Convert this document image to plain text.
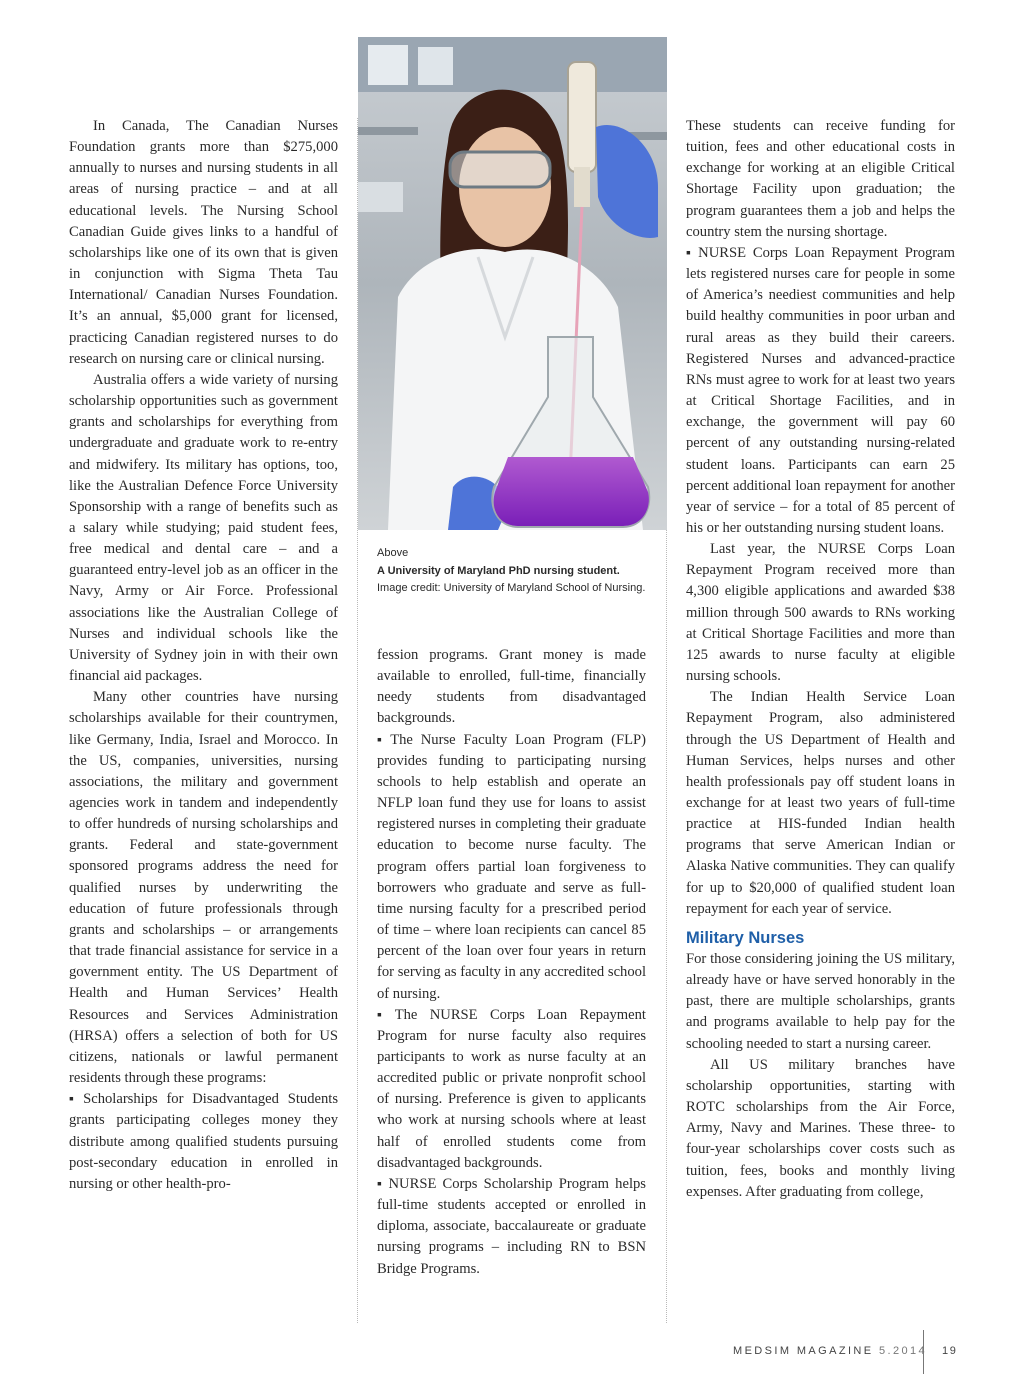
In Canada, The Canadian Nurses Foundation grants more than $275,000 annually to nurses and nursing students in all areas of nursing practice – and at all educational levels. The Nursing School Canadian Guide gives links to a handful of scholarships like one of its own that is given in conjunction with Sigma Theta Tau International/ Canadian Nurses Foundation. It’s an annual, $5,000 grant for licensed, practicing Canadian registered nurses to do research on nursing care or clinical nursing.

Australia offers a wide variety of nursing scholarship opportunities such as government grants and scholarships for everything from undergraduate and graduate work to re-entry and midwifery. Its military has options, too, like the Australian Defence Force University Sponsorship with a range of benefits such as a salary while studying; paid student fees, free medical and dental care – and a guaranteed entry-level job as an officer in the Navy, Army or Air Force. Professional associations like the Australian College of Nurses and individual schools like the University of Sydney join in with their own financial aid packages.

Many other countries have nursing scholarships available for their countrymen, like Germany, India, Israel and Morocco. In the US, companies, universities, nursing associations, the military and government agencies work in tandem and independently to offer hundreds of nursing scholarships and grants. Federal and state-government sponsored programs address the need for qualified nurses by underwriting the education of future professionals through grants and scholarships – or arrangements that trade financial assistance for service in a government entity. The US Department of Health and Human Services’ Health Resources and Services Administration (HRSA) offers a selection of both for US citizens, nationals or lawful permanent residents through these programs:

▪ Scholarships for Disadvantaged Students grants participating colleges money they distribute among qualified students pursuing post-secondary education in enrolled in nursing or other health-pro-

Above
A University of Maryland PhD nursing student.
Image credit: University of Maryland School of Nursing.

fession programs. Grant money is made available to enrolled, full-time, financially needy students from disadvantaged backgrounds.

▪ The Nurse Faculty Loan Program (FLP) provides funding to participating nursing schools to help establish and operate an NFLP loan fund they use for loans to assist registered nurses in completing their graduate education to become nurse faculty. The program offers partial loan forgiveness to borrowers who graduate and serve as full-time nursing faculty for a prescribed period of time – where loan recipients can cancel 85 percent of the loan over four years in return for serving as faculty in any accredited school of nursing.

▪ The NURSE Corps Loan Repayment Program for nurse faculty also requires participants to work as nurse faculty at an accredited public or private nonprofit school of nursing. Preference is given to applicants who work at nursing schools where at least half of enrolled students come from disadvantaged backgrounds.

▪ NURSE Corps Scholarship Program helps full-time students accepted or enrolled in diploma, associate, baccalaureate or graduate nursing programs – including RN to BSN Bridge Programs.

These students can receive funding for tuition, fees and other educational costs in exchange for working at an eligible Critical Shortage Facility upon graduation; the program guarantees them a job and helps the country stem the nursing shortage.

▪ NURSE Corps Loan Repayment Program lets registered nurses care for people in some of America’s neediest communities and help build healthy communities in poor urban and rural areas as they build their careers. Registered Nurses and advanced-practice RNs must agree to work for at least two years at Critical Shortage Facilities, and in exchange, the government will pay 60 percent of any outstanding nursing-related student loans. Participants can earn 25 percent additional loan repayment for another year of service – for a total of 85 percent of his or her outstanding nursing student loans.

Last year, the NURSE Corps Loan Repayment Program received more than 4,300 eligible applications and awarded $38 million through 500 awards to RNs working at Critical Shortage Facilities and more than 125 awards to nurse faculty at eligible nursing schools.

The Indian Health Service Loan Repayment Program, also administered through the US Department of Health and Human Services, helps nurses and other health professionals pay off student loans in exchange for at least two years of full-time practice at HIS-funded Indian health programs that serve American Indian or Alaska Native communities. They can qualify for up to $20,000 of qualified student loan repayment for each year of service.

Military Nurses

For those considering joining the US military, already have or have served honorably in the past, there are multiple scholarships, grants and programs available to help pay for the schooling needed to start a nursing career.

All US military branches have scholarship opportunities, starting with ROTC scholarships from the Air Force, Army, Navy and Marines. These three- to four-year scholarships cover costs such as tuition, fees, books and monthly living expenses. After graduating from college,

MEDSIM MAGAZINE 5.2014 19
